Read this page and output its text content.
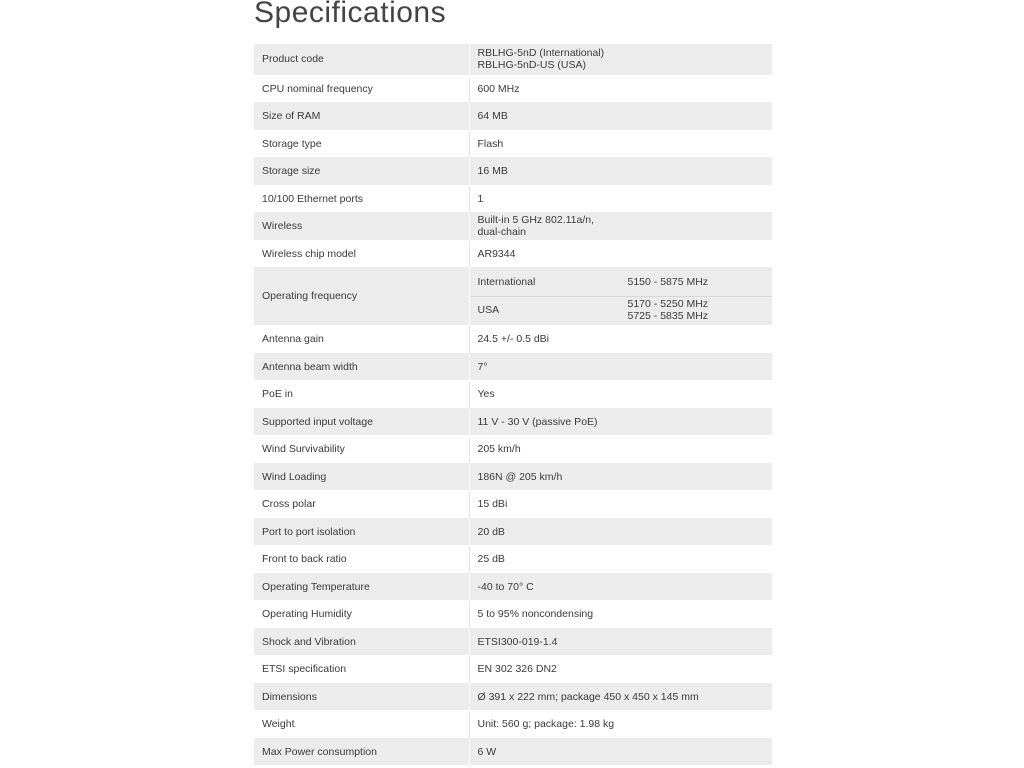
Specifications
Product code	RBLHG-5nD (International)
RBLHG-5nD-US (USA)

CPU nominal frequency	600 MHz

Size of RAM	64 MB

Storage type	Flash

Storage size	16 MB

10/100 Ethernet ports	1

Wireless	Built-in 5 GHz 802.11a/n,
dual-chain

Wireless chip model	AR9344

Operating frequency	
International	5150 - 5875 MHz

USA	5170 - 5250 MHz
5725 - 5835 MHz

Antenna gain	24.5 +/- 0.5 dBi

Antenna beam width	7°

PoE in	Yes

Supported input voltage	11 V - 30 V (passive PoE)

Wind Survivability	205 km/h

Wind Loading	186N @ 205 km/h

Cross polar	15 dBi

Port to port isolation	20 dB

Front to back ratio	25 dB

Operating Temperature	-40 to 70° C

Operating Humidity	5 to 95% noncondensing

Shock and Vibration	ETSI300-019-1.4

ETSI specification	EN 302 326 DN2

Dimensions	Ø 391 x 222 mm; package 450 x 450 x 145 mm

Weight	Unit: 560 g; package: 1.98 kg

Max Power consumption	6 W
